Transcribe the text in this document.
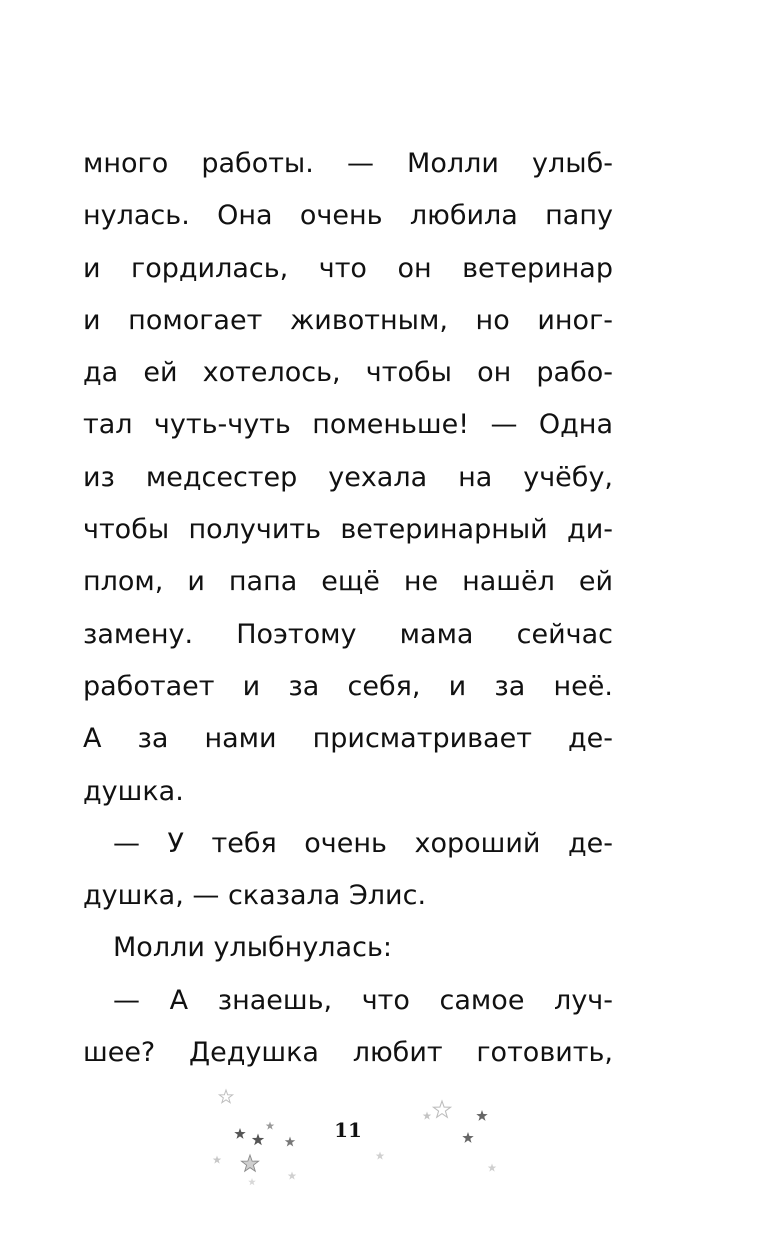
много работы. — Молли улыб-
нулась. Она очень любила папу
и гордилась, что он ветеринар
и помогает животным, но иног-
да ей хотелось, чтобы он рабо-
тал чуть-чуть поменьше! — Одна
из медсестер уехала на учёбу,
чтобы получить ветеринарный ди-
плом, и папа ещё не нашёл ей
замену. Поэтому мама сейчас
работает и за себя, и за неё.
А за нами присматривает де-
душка.
— У тебя очень хороший де-
душка, — сказала Элис.
Молли улыбнулась:
— А знаешь, что самое луч-
шее? Дедушка любит готовить,
11
